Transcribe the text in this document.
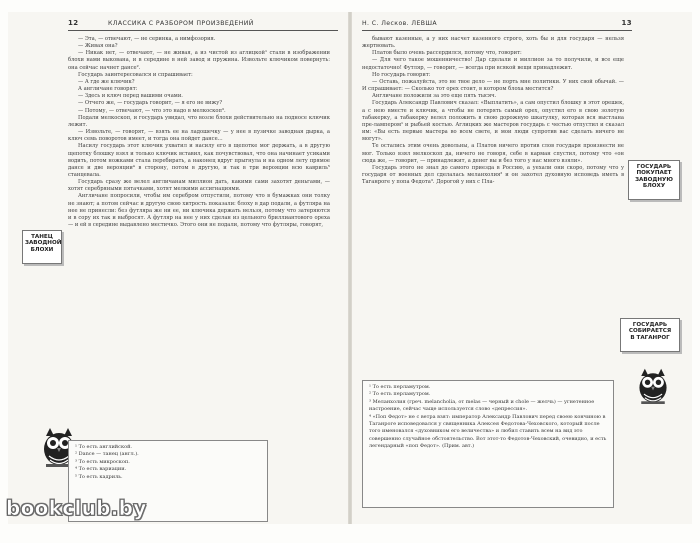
12	КЛАССИКА С РАЗБОРОМ ПРОИЗВЕДЕНИЙ

— Эта, — отвечают, — не серинка, а нимфозория.

— Живая она?

— Никак нет, — отвечают, — не живая, а из чистой из аглицкой¹ стали в изображении блохи нами выкована, и в середине в ней завод и пружина. Извольте ключиком повернуть: она сейчас начнет дансе².

Государь заинтересовался и спрашивает:

— А где же ключик?

А англичане говорят:

— Здесь и ключ перед вашими очами.

— Отчего же, — государь говорит, — я его не вижу?

— Потому, — отвечают, — что это надо в мелкоскоп³.

Подали мелкоскоп, и государь увидал, что возле блохи действительно на подносе ключик лежит.

— Извольте, — говорят, — взять ее на ладошечку — у нее в пузичке заводная дырка, а ключ семь поворотов имеет, и тогда она пойдет дансе...

Насилу государь этот ключик ухватил и насилу его в щепотке мог держать, а в другую щепотку блошку взял и только ключик вставил, как почувствовал, что она начинает усиками водить, потом ножками стала перебирать, а наконец вдруг прыгнула и на одном лету прямое дансе и две верояции⁴ в сторону, потом в другую, и так в три верояции всю кавриль⁵ станцевала.

Государь сразу же велел англичанам миллион дать, какими сами захотят деньгами, — хотят серебряными пятачками, хотят мелкими ассигнациями.

Англичане попросили, чтобы им серебром отпустили, потому что в бумажках они толку не знают; а потом сейчас и другую свою хитрость показали: блоху в дар подали, а футляра на нее не принесли: без футляра же ни ее, ни ключика держать нельзя, потому что затеряются и в сору их так и выбросят. А футляр на нее у них сделан из цельного бриллиантового ореха — и ей в середине выдавлено местичко. Этого они не подали, потому что футляры, говорят,

ТАНЕЦ
ЗАВОДНОЙ
БЛОХИ
¹ То есть английской.
² Dance — танец (англ.).
³ То есть микроскоп.
⁴ То есть вариации.
⁵ То есть кадриль.
Н. С. Лесков. ЛЕВША	13

бывают казенные, а у них насчет казенного строго, хоть бы и для государя — нельзя жертвовать.

Платов было очень рассердился, потому что, говорит:

— Для чего такое мошенничество! Дар сделали и миллион за то получили, и все еще недостаточно! Футляр, — говорит, — всегда при всякой вещи принадлежит.

Но государь говорит:

— Оставь, пожалуйста, это не твое дело — не порть мне политики. У них свой обычай. — И спрашивает: — Сколько тот орех стоит, в котором блоха местится?

Англичане положили за это еще пять тысяч.

Государь Александр Павлович сказал: «Выплатить», а сам опустил блошку в этот орешек, а с нею вместе и ключик, а чтобы не потерять самый орех, опустил его в свою золотую табакерку, а табакерку велел положить в свою дорожную шкатулку, которая вся выстлана пре-лампером¹ и рыбьей костью. Аглицких же мастеров государь с честью отпустил и сказал им: «Вы есть первые мастера во всем свете, и мои люди супротив вас сделать ничего не могут».

Те остались этим очень довольны, а Платов ничего против слов государя произнести не мог. Только взял мелкоскоп да, ничего не говоря, себе в карман спустил, потому что «он сюда же, — говорит, — принадлежит, а денег вы и без того у нас много взяли».

Государь этого не знал до самого приезда в Россию, а уехали они скоро, потому что у государя от военных дел сделалась меланхолия² и он захотел духовную исповедь иметь в Таганроге у попа Федота³. Дорогой у них с Пла-

ГОСУДАРЬ
ПОКУПАЕТ
ЗАВОДНУЮ
БЛОХУ
ГОСУДАРЬ
СОБИРАЕТСЯ
В ТАГАНРОГ
¹ То есть перламутром.
² То есть перламутром.
³ Меланхолия (греч. melancholia, от melas — черный и chole — желчь) — угнетенное настроение, сейчас чаще используется слово «депрессия».
⁴ «Поп Федот» не с ветра взят: император Александр Павлович перед своею кончиною в Таганроге исповедовался у священника Алексея Федотова-Чеховского, который после того именовался «духовником его величества» и любил ставить всем на вид это совершенно случайное обстоятельство. Вот этот-то Федотов-Чеховский, очевидно, и есть легендарный «поп Федот». (Прим. авт.)
bookclub.by
